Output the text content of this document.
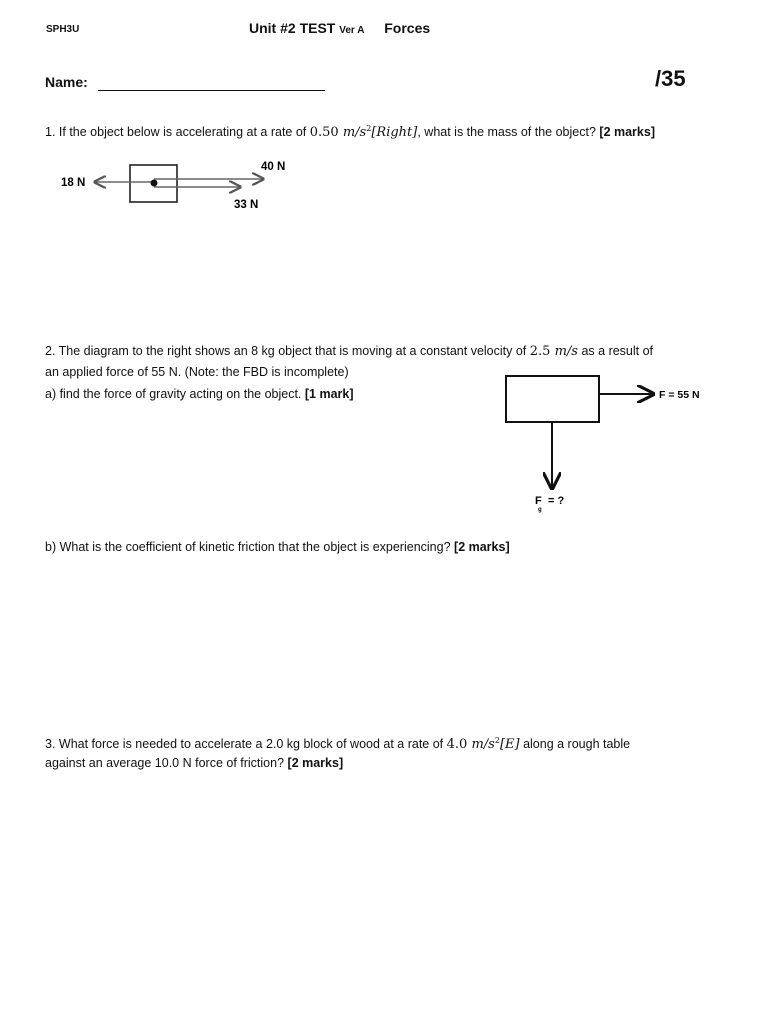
SPH3U	Unit #2 TEST Ver A Forces
Name:	/35
1. If the object below is accelerating at a rate of 0.50 $m/s^2[Right]$, what is the mass of the object? [2 marks]
18 N
40 N
33 N
2. The diagram to the right shows an 8 kg object that is moving at a constant velocity of 2.5 m/s as a result of
an applied force of 55 N. (Note: the FBD is incomplete)
a) find the force of gravity acting on the object. [1 mark]	F = 55 N
F
g
= ?
b) What is the coefficient of kinetic friction that the object is experiencing? [2 marks]
3. What force is needed to accelerate a 2.0 kg block of wood at a rate of 4.0 $m/s^2[E]$ along a rough table
against an average 10.0 N force of friction? [2 marks]
